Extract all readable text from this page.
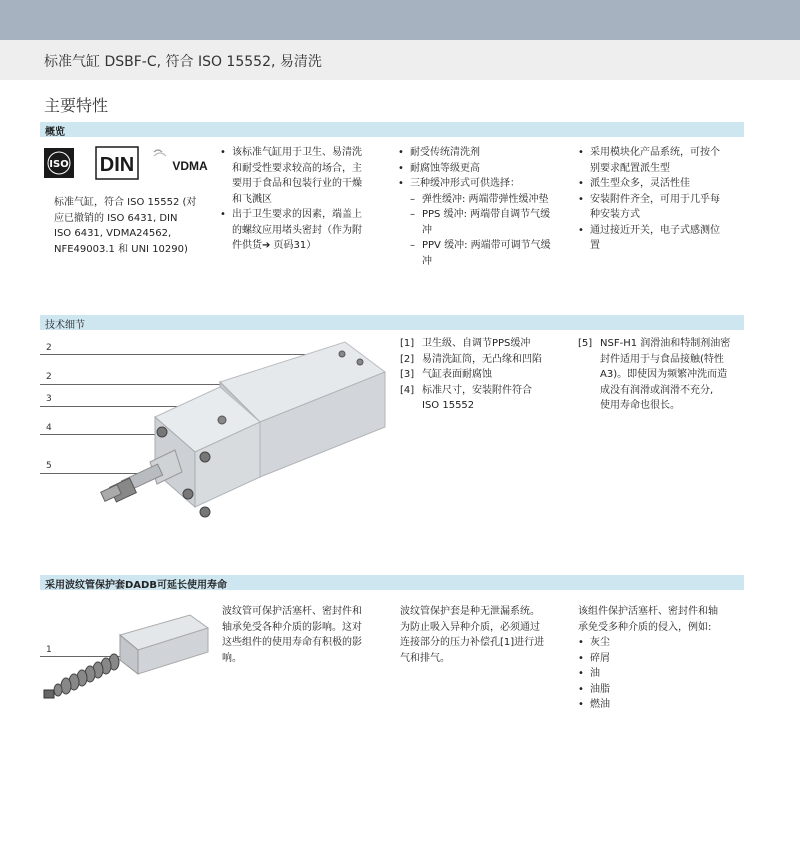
标准气缸 DSBF-C, 符合 ISO 15552, 易清洗
主要特性
概览
ISO DIN	VDMA

标准气缸，符合 ISO 15552 (对

应已撤销的 ISO 6431, DIN

ISO 6431, VDMA24562,

NFE49003.1 和 UNI 10290)

• 该标准气缸用于卫生、易清洗

和耐受性要求较高的场合，主

要用于食品和包装行业的干燥

和飞溅区

• 出于卫生要求的因素，端盖上

的螺纹应用堵头密封（作为附

件供货➔ 页码31）

• 耐受传统清洗剂
• 耐腐蚀等级更高

• 三种缓冲形式可供选择：

– 弹性缓冲: 两端带弹性缓冲垫

– PPS 缓冲: 两端带自调节气缓

冲

– PPV 缓冲: 两端带可调节气缓

冲

• 采用模块化产品系统，可按个

别要求配置派生型

• 派生型众多，灵活性佳

• 安装附件齐全，可用于几乎每

种安装方式

• 通过接近开关，电子式感测位

置

技术细节
2
2
3
4
5
[1] 卫生级、自调节PPS缓冲

[2] 易清洗缸筒，无凸缘和凹陷

[3] 气缸表面耐腐蚀

[4] 标准尺寸，安装附件符合

ISO 15552

[5] NSF-H1 润滑油和特制剂油密

封件适用于与食品接触(特性

A3)。即使因为频繁冲洗而造

成没有润滑或润滑不充分,

使用寿命也很长。

采用波纹管保护套DADB可延长使用寿命
1

波纹管可保护活塞杆、密封件和

轴承免受各种介质的影响。这对

这些组件的使用寿命有积极的影

响。

波纹管保护套是种无泄漏系统。

为防止吸入异种介质，必须通过

连接部分的压力补偿孔[1]进行进

气和排气。

该组件保护活塞杆、密封件和轴

承免受多种介质的侵入，例如:

• 灰尘
• 碎屑
• 油
• 油脂
• 燃油
